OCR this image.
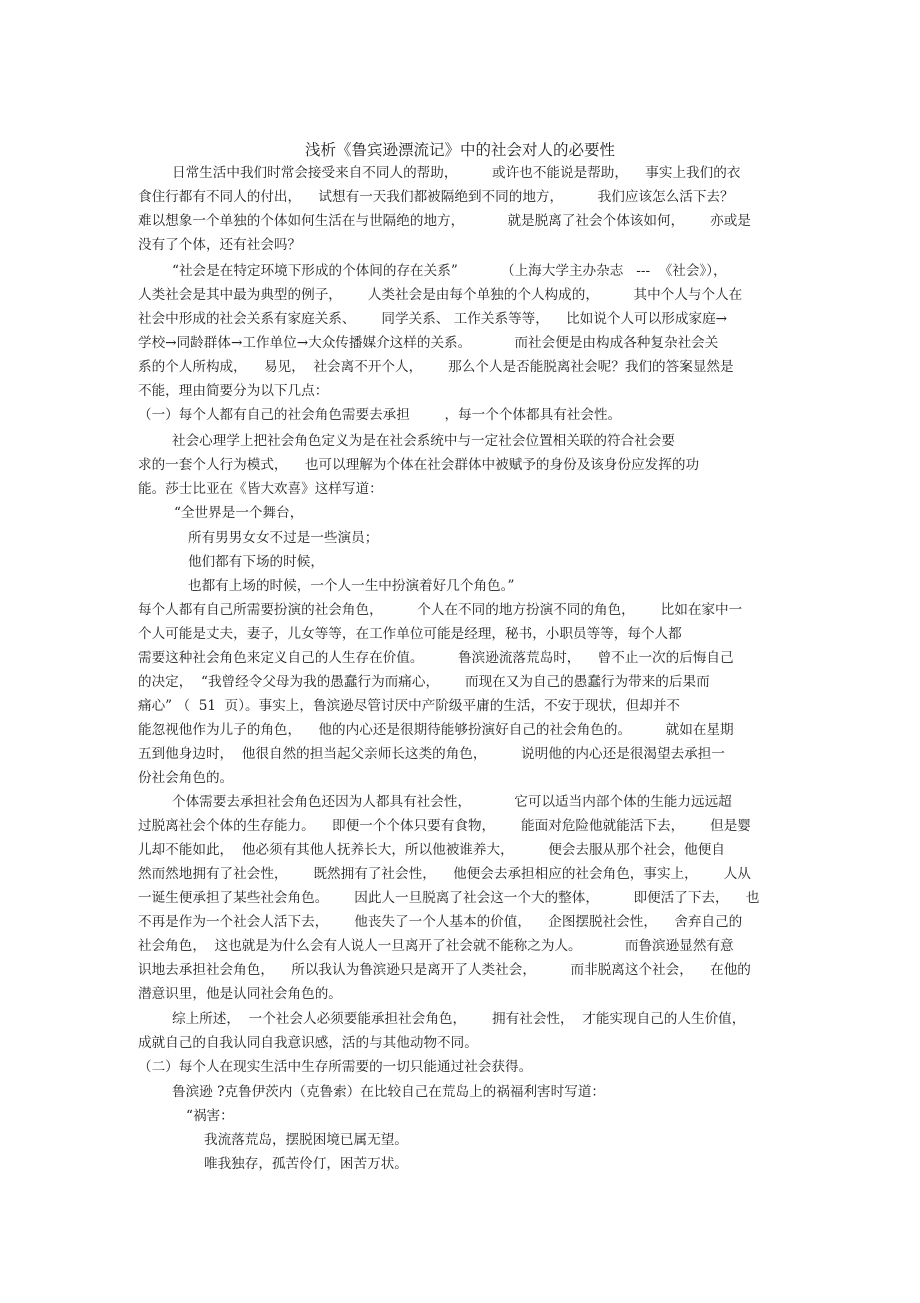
浅析《鲁宾逊漂流记》中的社会对人的必要性
日常生活中我们时常会接受来自不同人的帮助，        或许也不能说是帮助，    事实上我们的衣
食住行都有不同人的付出，    试想有一天我们都被隔绝到不同的地方，        我们应该怎么活下去？
难以想象一个单独的个体如何生活在与世隔绝的地方，          就是脱离了社会个体该如何，      亦或是
没有了个体，还有社会吗？
“社会是在特定环境下形成的个体间的存在关系”          （上海大学主办杂志   ---  《社会》），
人类社会是其中最为典型的例子，      人类社会是由每个单独的个人构成的，        其中个人与个人在
社会中形成的社会关系有家庭关系、      同学关系、 工作关系等等，    比如说个人可以形成家庭→
学校→同龄群体→工作单位→大众传播媒介这样的关系。          而社会便是由构成各种复杂社会关
系的个人所构成，    易见，  社会离不开个人，      那么个人是否能脱离社会呢？我们的答案显然是
不能，理由简要分为以下几点：
（一）每个人都有自己的社会角色需要去承担        ，每一个个体都具有社会性。
社会心理学上把社会角色定义为是在社会系统中与一定社会位置相关联的符合社会要
求的一套个人行为模式，    也可以理解为个体在社会群体中被赋予的身份及该身份应发挥的功
能。莎士比亚在《皆大欢喜》这样写道：
“全世界是一个舞台，
所有男男女女不过是一些演员；
他们都有下场的时候，
也都有上场的时候，一个人一生中扮演着好几个角色。”
每个人都有自己所需要扮演的社会角色，        个人在不同的地方扮演不同的角色，      比如在家中一
个人可能是丈夫，妻子，儿女等等，在工作单位可能是经理，秘书，小职员等等，每个人都
需要这种社会角色来定义自己的人生存在价值。        鲁滨逊流落荒岛时，    曾不止一次的后悔自己
的决定，  “我曾经令父母为我的愚蠢行为而痛心，      而现在又为自己的愚蠢行为带来的后果而
痛心” （  51  页）。事实上，鲁滨逊尽管讨厌中产阶级平庸的生活，不安于现状，但却并不
能忽视他作为儿子的角色，    他的内心还是很期待能够扮演好自己的社会角色的。        就如在星期
五到他身边时，  他很自然的担当起父亲师长这类的角色，        说明他的内心还是很渴望去承担一
份社会角色的。
个体需要去承担社会角色还因为人都具有社会性，          它可以适当内部个体的生能力远远超
过脱离社会个体的生存能力。    即便一个个体只要有食物，      能面对危险他就能活下去，      但是婴
儿却不能如此，  他必须有其他人抚养长大，所以他被谁养大，        便会去服从那个社会，他便自
然而然地拥有了社会性，      既然拥有了社会性，    他便会去承担相应的社会角色，事实上，      人从
一诞生便承担了某些社会角色。      因此人一旦脱离了社会这一个大的整体，        即便活了下去，    也
不再是作为一个社会人活下去，      他丧失了一个人基本的价值，    企图摆脱社会性，    舍弃自己的
社会角色，  这也就是为什么会有人说人一旦离开了社会就不能称之为人。          而鲁滨逊显然有意
识地去承担社会角色，    所以我认为鲁滨逊只是离开了人类社会，        而非脱离这个社会，    在他的
潜意识里，他是认同社会角色的。
综上所述，  一个社会人必须要能承担社会角色，      拥有社会性，  才能实现自己的人生价值，
成就自己的自我认同自我意识感，活的与其他动物不同。
（二）每个人在现实生活中生存所需要的一切只能通过社会获得。
鲁滨逊 ?克鲁伊茨内（克鲁索）在比较自己在荒岛上的祸福利害时写道：
“祸害：
我流落荒岛，摆脱困境已属无望。
唯我独存，孤苦伶仃，困苦万状。
